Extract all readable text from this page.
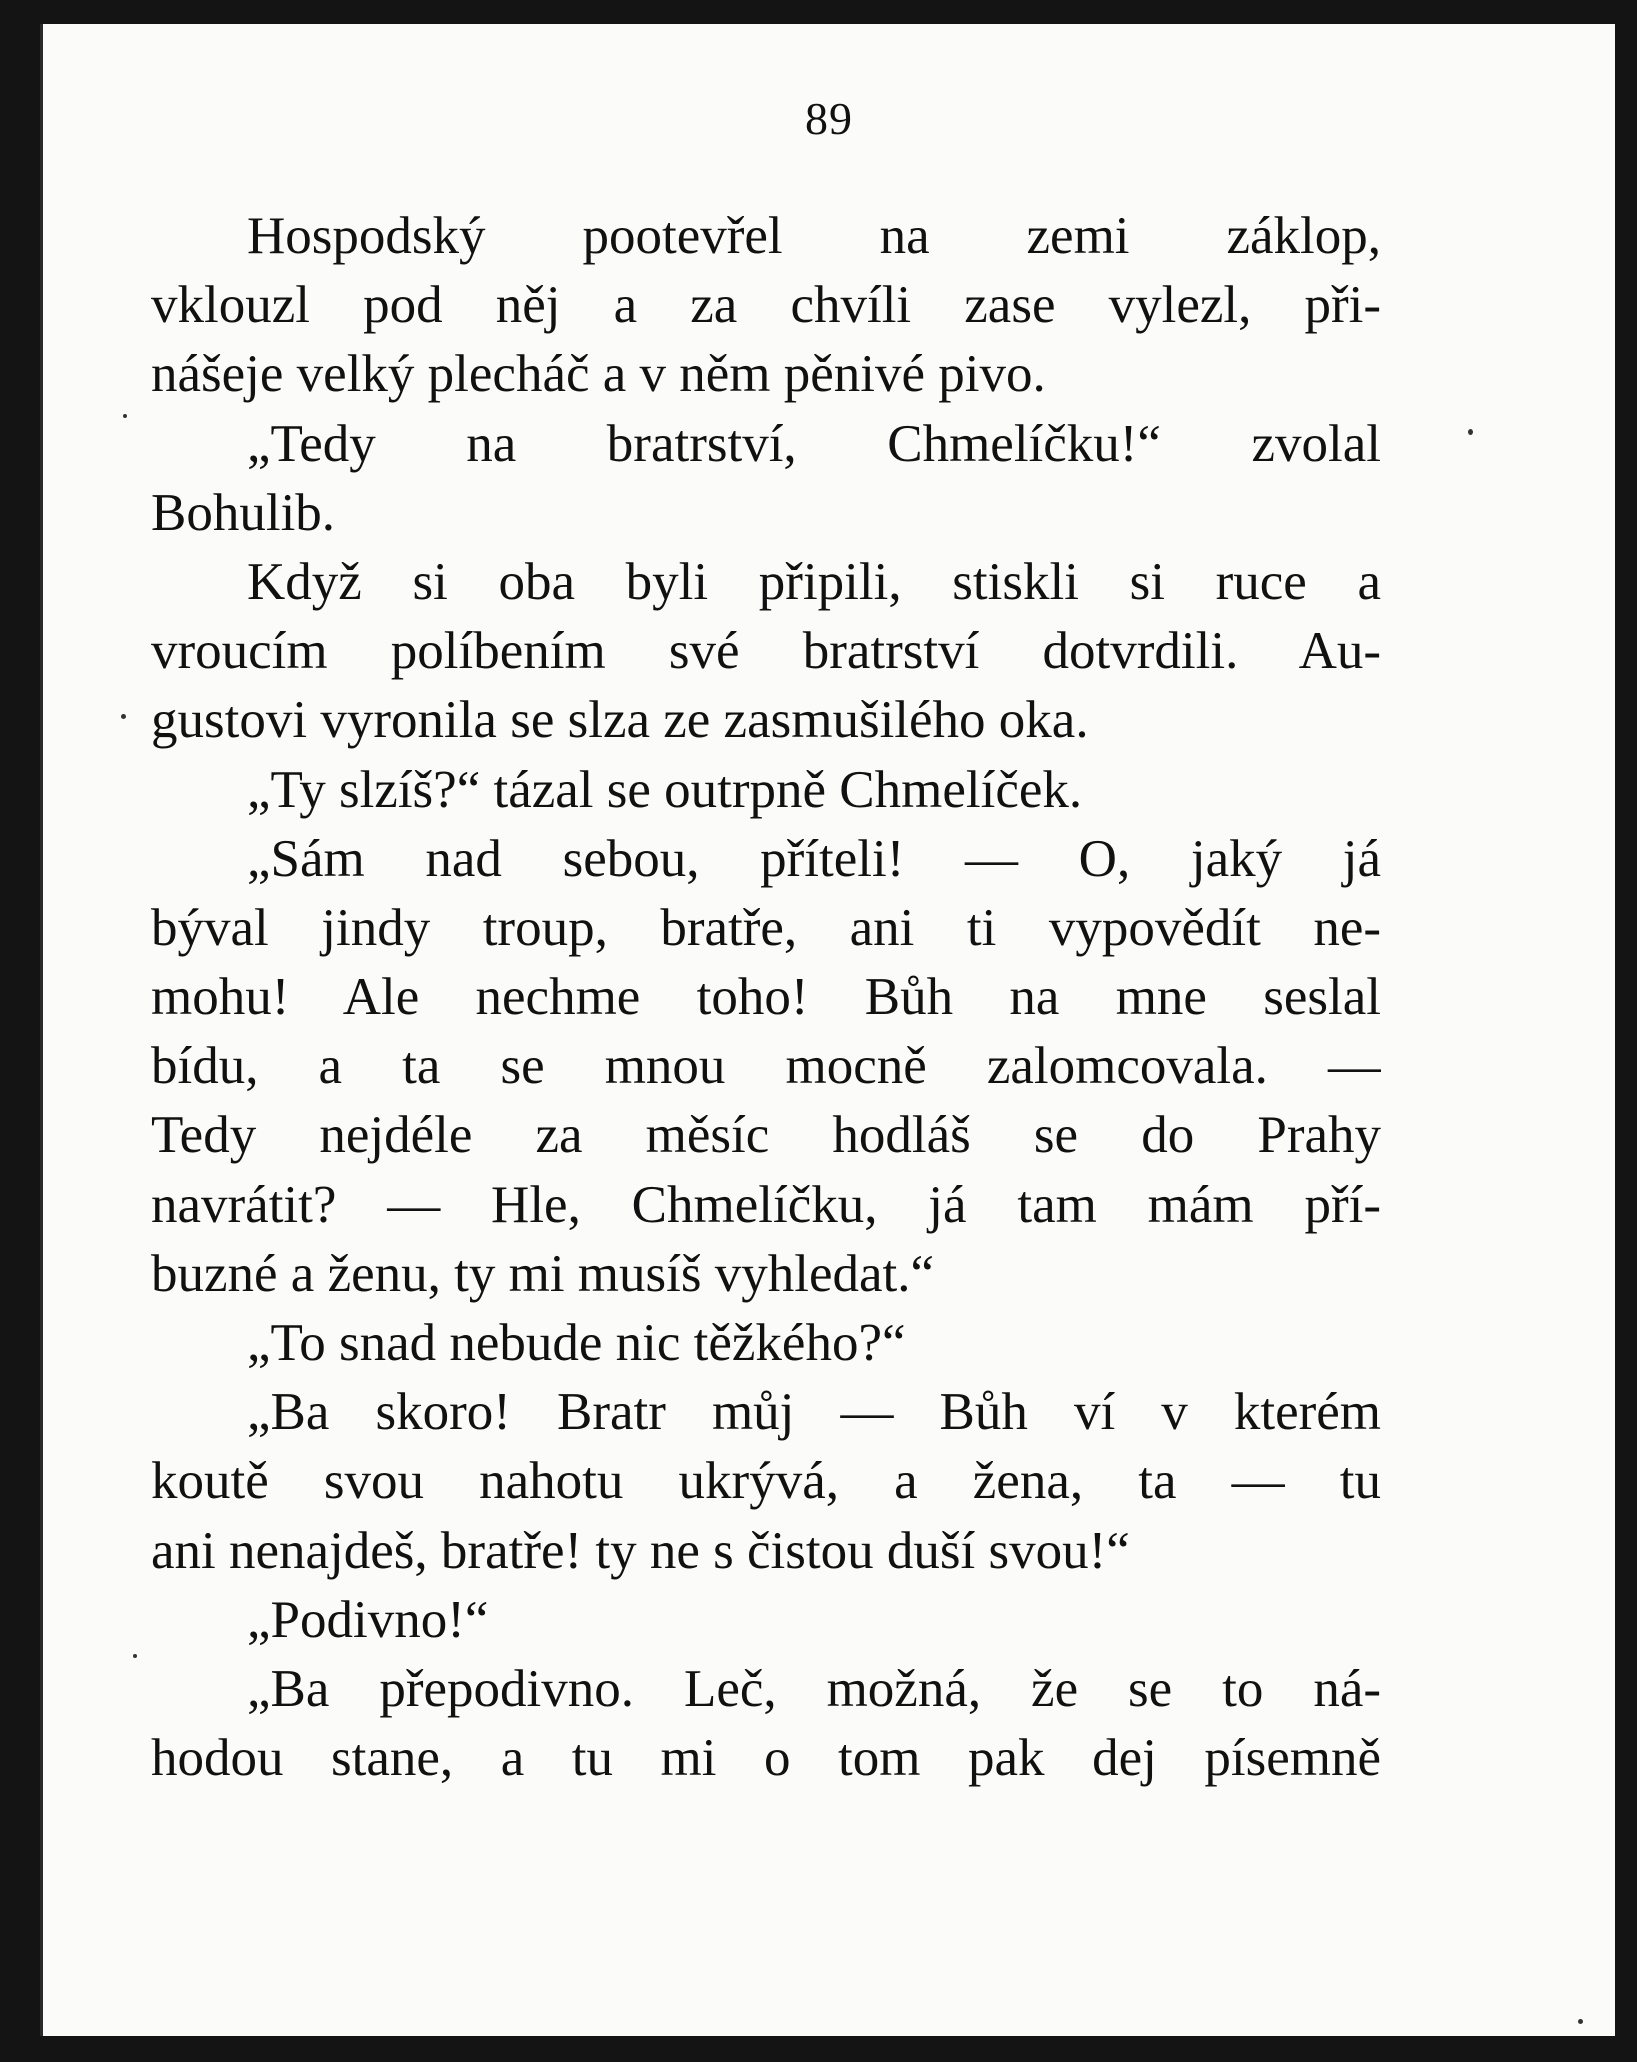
89
Hospodský pootevřel na zemi záklop,
vklouzl pod něj a za chvíli zase vylezl, při-
nášeje velký plecháč a v něm pěnivé pivo.
„Tedy na bratrství, Chmelíčku!“ zvolal
Bohulib.
Když si oba byli připili, stiskli si ruce a
vroucím políbením své bratrství dotvrdili. Au-
gustovi vyronila se slza ze zasmušilého oka.
„Ty slzíš?“ tázal se outrpně Chmelíček.
„Sám nad sebou, příteli! — O, jaký já
býval jindy troup, bratře, ani ti vypovědít ne-
mohu! Ale nechme toho! Bůh na mne seslal
bídu, a ta se mnou mocně zalomcovala. —
Tedy nejdéle za měsíc hodláš se do Prahy
navrátit? — Hle, Chmelíčku, já tam mám pří-
buzné a ženu, ty mi musíš vyhledat.“
„To snad nebude nic těžkého?“
„Ba skoro! Bratr můj — Bůh ví v kterém
koutě svou nahotu ukrývá, a žena, ta — tu
ani nenajdeš, bratře! ty ne s čistou duší svou!“
„Podivno!“
„Ba přepodivno. Leč, možná, že se to ná-
hodou stane, a tu mi o tom pak dej písemně
